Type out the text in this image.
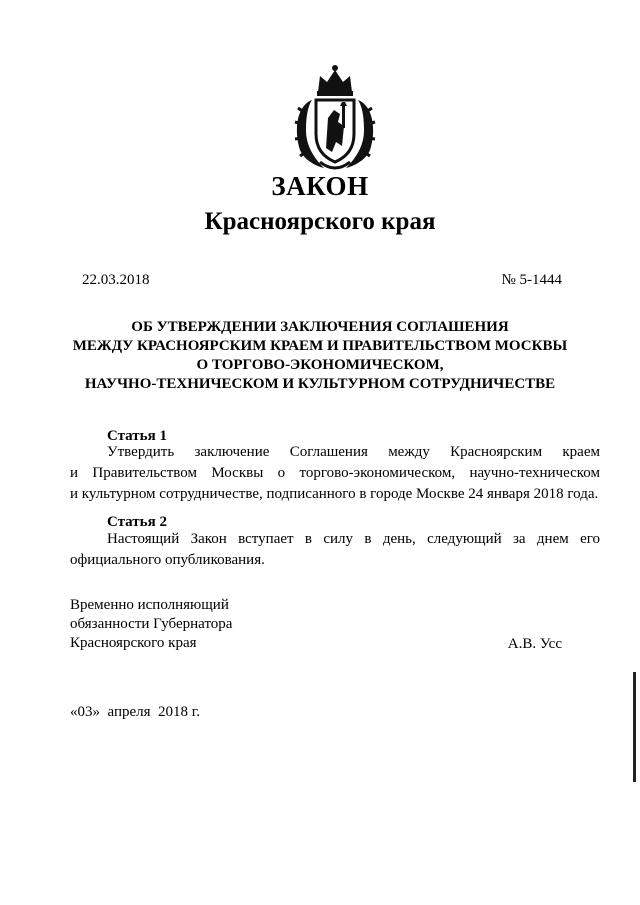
ЗАКОН
Красноярского края
22.03.2018	№ 5-1444
ОБ УТВЕРЖДЕНИИ ЗАКЛЮЧЕНИЯ СОГЛАШЕНИЯ
МЕЖДУ КРАСНОЯРСКИМ КРАЕМ И ПРАВИТЕЛЬСТВОМ МОСКВЫ
О ТОРГОВО-ЭКОНОМИЧЕСКОМ,
НАУЧНО-ТЕХНИЧЕСКОМ И КУЛЬТУРНОМ СОТРУДНИЧЕСТВЕ
Статья 1
Утвердить заключение Соглашения между Красноярским краем
и Правительством Москвы о торгово-экономическом, научно-техническом
и культурном сотрудничестве, подписанного в городе Москве 24 января 2018 года.
Статья 2
Настоящий Закон вступает в силу в день, следующий за днем его
официального опубликования.
Временно исполняющий
обязанности Губернатора
Красноярского края	А.В. Усс
«03»  апреля  2018 г.
